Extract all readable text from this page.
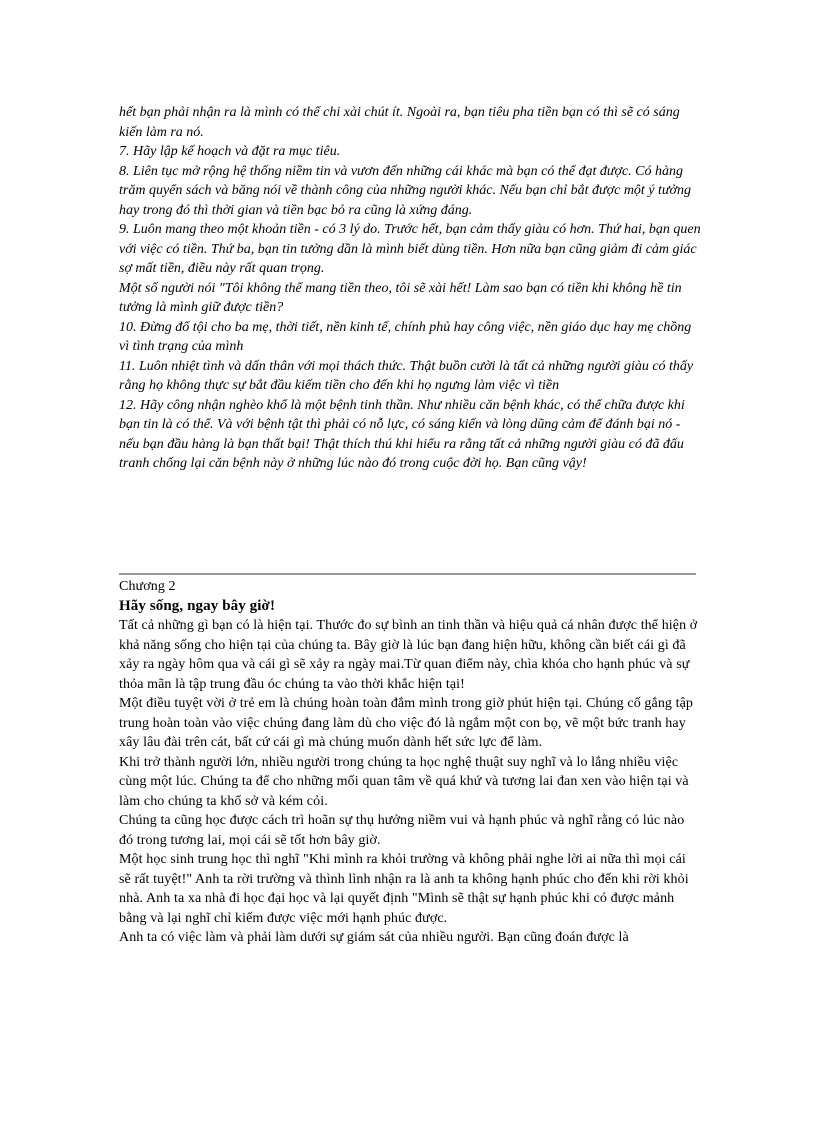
hết bạn phải nhận ra là mình có thể chi xài chút ít. Ngoài ra, bạn tiêu pha tiền bạn có thì sẽ có sáng kiến làm ra nó.

7. Hãy lập kế hoạch và đặt ra mục tiêu.

8. Liên tục mở rộng hệ thống niềm tin và vươn đến những cái khác mà bạn có thể đạt được. Có hàng trăm quyển sách và băng nói về thành công của những người khác. Nếu bạn chỉ bắt được một ý tưởng hay trong đó thì thời gian và tiền bạc bỏ ra cũng là xứng đáng.

9. Luôn mang theo một khoản tiền - có 3 lý do. Trước hết, bạn cảm thấy giàu có hơn. Thứ hai, bạn quen với việc có tiền. Thứ ba, bạn tin tưởng dần là mình biết dùng tiền. Hơn nữa bạn cũng giảm đi cảm giác sợ mất tiền, điều này rất quan trọng.

Một số người nói "Tôi không thể mang tiền theo, tôi sẽ xài hết! Làm sao bạn có tiền khi không hề tin tưởng là mình giữ được tiền?

10. Đừng đổ tội cho ba mẹ, thời tiết, nền kinh tế, chính phủ hay công việc, nền giáo dục hay mẹ chồng vì tình trạng của mình

11. Luôn nhiệt tình và dấn thân với mọi thách thức. Thật buồn cười là tất cả những người giàu có thấy rằng họ không thực sự bắt đầu kiếm tiền cho đến khi họ ngưng làm việc vì tiền

12. Hãy công nhận nghèo khổ là một bệnh tinh thần. Như nhiều căn bệnh khác, có thể chữa được khi bạn tin là có thể. Và với bệnh tật thì phải có nỗ lực, có sáng kiến và lòng dũng cảm để đánh bại nó - nếu bạn đầu hàng là bạn thất bại! Thật thích thú khi hiểu ra rằng tất cả những người giàu có đã đấu tranh chống lại căn bệnh này ở những lúc nào đó trong cuộc đời họ. Bạn cũng vậy!

Chương 2

Hãy sống, ngay bây giờ!

Tất cả những gì bạn có là hiện tại. Thước đo sự bình an tinh thần và hiệu quả cá nhân được thể hiện ở khả năng sống cho hiện tại của chúng ta. Bây giờ là lúc bạn đang hiện hữu, không cần biết cái gì đã xảy ra ngày hôm qua và cái gì sẽ xảy ra ngày mai.Từ quan điểm này, chìa khóa cho hạnh phúc và sự thỏa mãn là tập trung đầu óc chúng ta vào thời khắc hiện tại!

Một điều tuyệt vời ở trẻ em là chúng hoàn toàn đắm mình trong giờ phút hiện tại. Chúng cố gắng tập trung hoàn toàn vào việc chúng đang làm dù cho việc đó là ngắm một con bọ, vẽ một bức tranh hay xây lâu đài trên cát, bất cứ cái gì mà chúng muốn dành hết sức lực để làm.

Khi trở thành người lớn, nhiều người trong chúng ta học nghệ thuật suy nghĩ và lo lắng nhiều việc cùng một lúc. Chúng ta để cho những mối quan tâm về quá khứ và tương lai đan xen vào hiện tại và làm cho chúng ta khổ sở và kém cỏi.

Chúng ta cũng học được cách trì hoãn sự thụ hưởng niềm vui và hạnh phúc và nghĩ rằng có lúc nào đó trong tương lai, mọi cái sẽ tốt hơn bây giờ.

Một học sinh trung học thì nghĩ "Khi mình ra khỏi trường và không phải nghe lời ai nữa thì mọi cái sẽ rất tuyệt!" Anh ta rời trường và thình lình nhận ra là anh ta không hạnh phúc cho đến khi rời khỏi nhà. Anh ta xa nhà đi học đại học và lại quyết định "Mình sẽ thật sự hạnh phúc khi có được mảnh bằng và lại nghĩ chỉ kiếm được việc mới hạnh phúc được.

Anh ta có việc làm và phải làm dưới sự giám sát của nhiều người. Bạn cũng đoán được là
